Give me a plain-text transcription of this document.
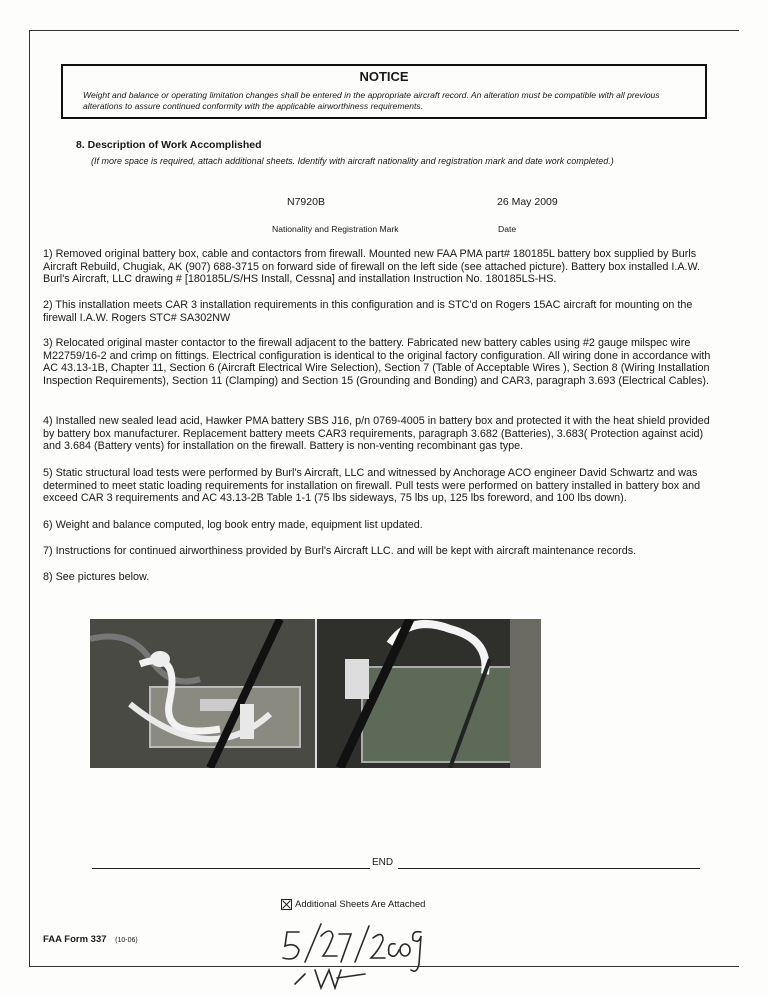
NOTICE
Weight and balance or operating limitation changes shall be entered in the appropriate aircraft record. An alteration must be compatible with all previous alterations to assure continued conformity with the applicable airworthiness requirements.
8. Description of Work Accomplished
(If more space is required, attach additional sheets. Identify with aircraft nationality and registration mark and date work completed.)
N7920B	26 May 2009
Nationality and Registration Mark	Date
1) Removed original battery box, cable and contactors from firewall. Mounted new FAA PMA part# 180185L battery box supplied by Burls Aircraft Rebuild, Chugiak, AK (907) 688-3715 on forward side of firewall on the left side (see attached picture). Battery box installed I.A.W. Burl's Aircraft, LLC drawing # [180185L/S/HS Install, Cessna] and installation Instruction No. 180185LS-HS.
2) This installation meets CAR 3 installation requirements in this configuration and is STC'd on Rogers 15AC aircraft for mounting on the firewall I.A.W. Rogers STC# SA302NW
3) Relocated original master contactor to the firewall adjacent to the battery. Fabricated new battery cables using #2 gauge milspec wire M22759/16-2 and crimp on fittings. Electrical configuration is identical to the original factory configuration. All wiring done in accordance with AC 43.13-1B, Chapter 11, Section 6 (Aircraft Electrical Wire Selection), Section 7 (Table of Acceptable Wires ), Section 8 (Wiring Installation Inspection Requirements), Section 11 (Clamping) and Section 15 (Grounding and Bonding) and CAR3, paragraph 3.693 (Electrical Cables).
4) Installed new sealed lead acid, Hawker PMA battery SBS J16, p/n 0769-4005 in battery box and protected it with the heat shield provided by battery box manufacturer. Replacement battery meets CAR3 requirements, paragraph 3.682 (Batteries), 3.683( Protection against acid) and 3.684 (Battery vents) for installation on the firewall. Battery is non-venting recombinant gas type.
5) Static structural load tests were performed by Burl's Aircraft, LLC and witnessed by Anchorage ACO engineer David Schwartz and was determined to meet static loading requirements for installation on firewall. Pull tests were performed on battery installed in battery box and exceed CAR 3 requirements and AC 43.13-2B Table 1-1 (75 lbs sideways, 75 lbs up, 125 lbs foreword, and 100 lbs down).
6) Weight and balance computed, log book entry made, equipment list updated.
7) Instructions for continued airworthiness provided by Burl's Aircraft LLC. and will be kept with aircraft maintenance records.
8) See pictures below.
END
Additional Sheets Are Attached
FAA Form 337 (10-06)
